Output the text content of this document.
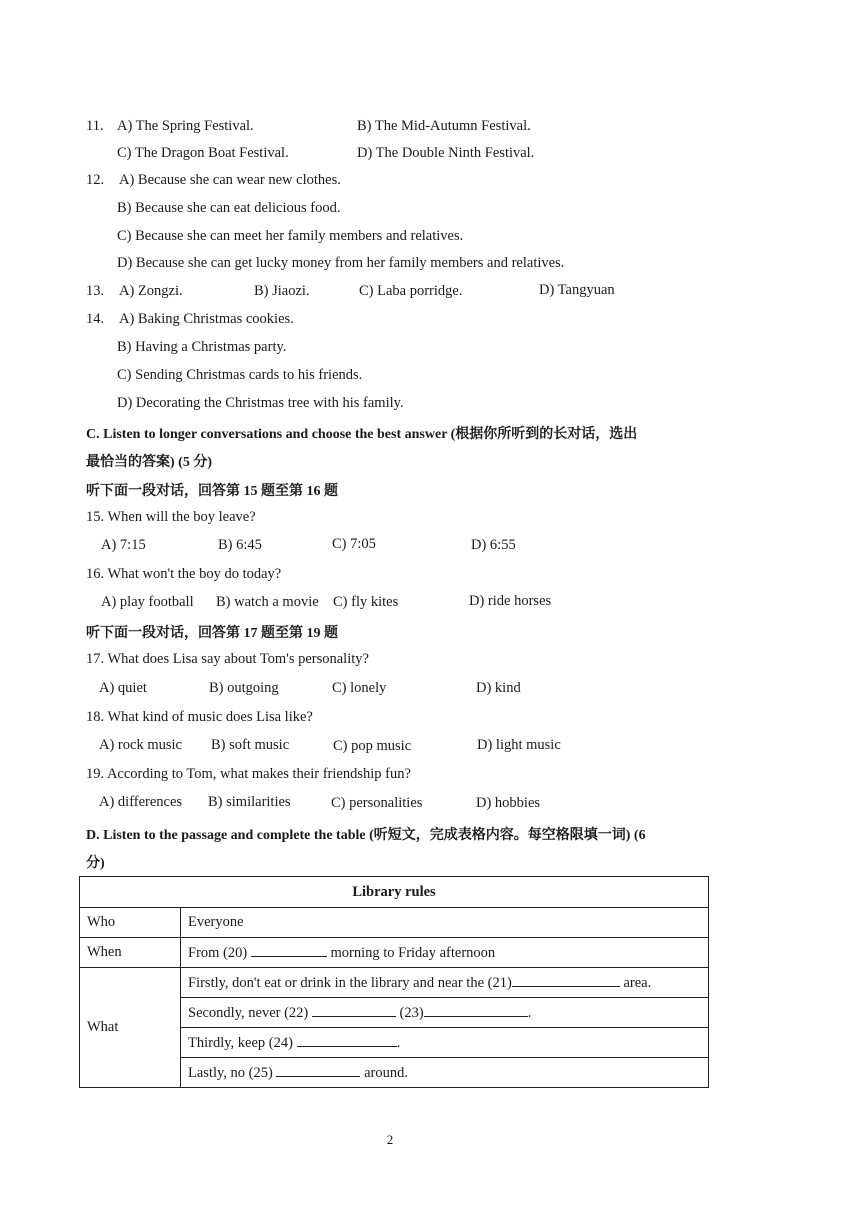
11. A) The Spring Festival.	B) The Mid-Autumn Festival.
C) The Dragon Boat Festival.	D) The Double Ninth Festival.
12. A) Because she can wear new clothes.
B) Because she can eat delicious food.
C) Because she can meet her family members and relatives.
D) Because she can get lucky money from her family members and relatives.
13. A) Zongzi.	B) Jiaozi.	C) Laba porridge.	D) Tangyuan
14. A) Baking Christmas cookies.
B) Having a Christmas party.
C) Sending Christmas cards to his friends.
D) Decorating the Christmas tree with his family.
C. Listen to longer conversations and choose the best answer (根据你所听到的长对话，选出
最恰当的答案) (5 分)
听下面一段对话，回答第 15 题至第 16 题
15. When will the boy leave?
A) 7:15	B) 6:45	C) 7:05	D) 6:55
16. What won't the boy do today?
A) play football B) watch a movie C) fly kites	D) ride horses
听下面一段对话，回答第 17 题至第 19 题
17. What does Lisa say about Tom's personality?
A) quiet	B) outgoing	C) lonely	D) kind
18. What kind of music does Lisa like?
A) rock music B) soft music	C) pop music	D) light music
19. According to Tom, what makes their friendship fun?
A) differences B) similarities	C) personalities	D) hobbies
D. Listen to the passage and complete the table (听短文，完成表格内容。每空格限填一词) (6
分)
Library rules	
Who	Everyone
When	From (20) morning to Friday afternoon
What	Firstly, don't eat or drink in the library and near the (21) area.
	Secondly, never (22) (23) .
	Thirdly, keep (24) .
	Lastly, no (25) around.
2
